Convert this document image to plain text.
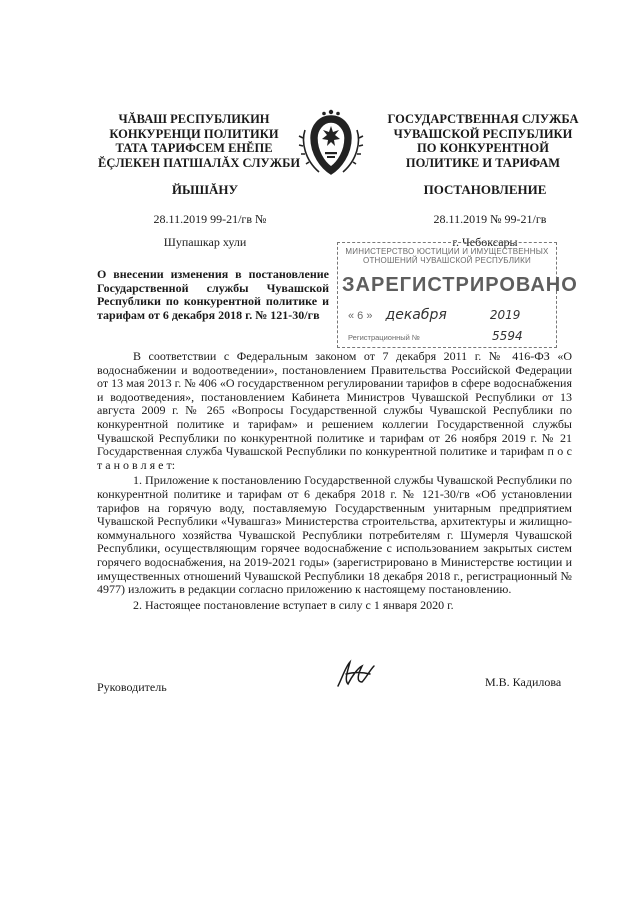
ЧĂВАШ РЕСПУБЛИКИН
КОНКУРЕНЦИ ПОЛИТИКИ
ТАТА ТАРИФСЕМ ЕНĔПЕ
ĔÇЛЕКЕН ПАТШАЛĂХ СЛУЖБИ
ГОСУДАРСТВЕННАЯ СЛУЖБА
ЧУВАШСКОЙ РЕСПУБЛИКИ
ПО КОНКУРЕНТНОЙ
ПОЛИТИКЕ И ТАРИФАМ
ЙЫШĂНУ	ПОСТАНОВЛЕНИЕ
28.11.2019 99-21/гв №	28.11.2019 № 99-21/гв
Шупашкар хули	г. Чебоксары
МИНИСТЕРСТВО ЮСТИЦИИ И ИМУЩЕСТВЕННЫХ ОТНОШЕНИЙ ЧУВАШСКОЙ РЕСПУБЛИКИ
ЗАРЕГИСТРИРОВАНО
« 6 » декабря	2019
Регистрационный №	5594
О внесении изменения в постановление Государственной службы Чувашской Республики по конкурентной политике и тарифам от 6 декабря 2018 г. № 121-30/гв

В соответствии с Федеральным законом от 7 декабря 2011 г. № 416-ФЗ «О водоснабжении и водоотведении», постановлением Правительства Российской Федерации от 13 мая 2013 г. № 406 «О государственном регулировании тарифов в сфере водоснабжения и водоотведения», постановлением Кабинета Министров Чувашской Республики от 13 августа 2009 г. № 265 «Вопросы Государственной службы Чувашской Республики по конкурентной политике и тарифам» и решением коллегии Государственной службы Чувашской Республики по конкурентной политике и тарифам от 26 ноября 2019 г. № 21 Государственная служба Чувашской Республики по конкурентной политике и тарифам п о с т а н о в л я е т:

1. Приложение к постановлению Государственной службы Чувашской Республики по конкурентной политике и тарифам от 6 декабря 2018 г. № 121-30/гв «Об установлении тарифов на горячую воду, поставляемую Государственным унитарным предприятием Чувашской Республики «Чувашгаз» Министерства строительства, архитектуры и жилищно-коммунального хозяйства Чувашской Республики потребителям г. Шумерля Чувашской Республики, осуществляющим горячее водоснабжение с использованием закрытых систем горячего водоснабжения, на 2019-2021 годы» (зарегистрировано в Министерстве юстиции и имущественных отношений Чувашской Республики 18 декабря 2018 г., регистрационный № 4977) изложить в редакции согласно приложению к настоящему постановлению.

2. Настоящее постановление вступает в силу с 1 января 2020 г.

Руководитель	М.В. Кадилова
